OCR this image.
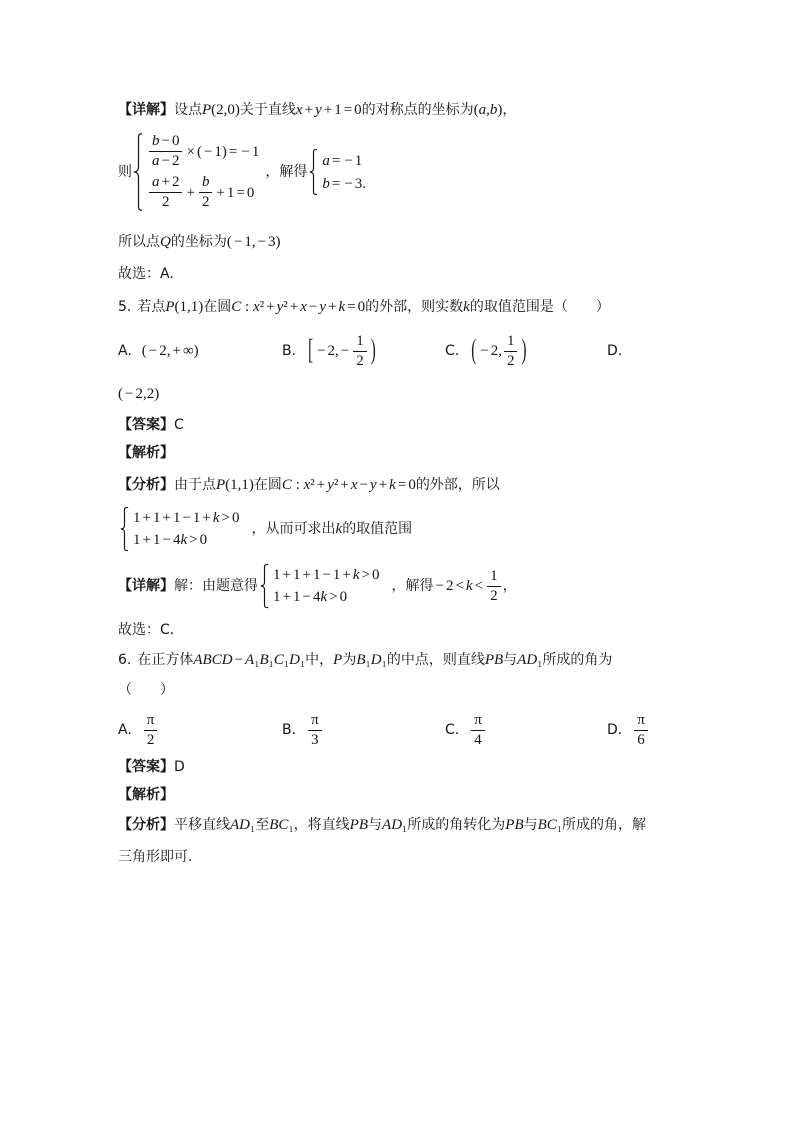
【详解】 设点 P (2,0) 关于直线 x + y + 1 = 0 的对称点的坐标为 (a,b) ，
则
$\frac{b - 0}{a - 2}$ × ( − 1) = − 1
$\frac{a + 2}{2} + \frac{b}{2} + 1 = 0$
，解得
a = − 1
b = − 3 .
所以点 Q 的坐标为 ( − 1, − 3)
故选：A.
5. 若点 P (1,1) 在圆 C : x² + y² + x − y + k = 0 的外部，则实数 k 的取值范围是（　　）
A. ( − 2, + ∞)	B. [ − 2, − $\frac{1}{2}$ )	C. ( − 2, $\frac{1}{2}$ )	D.
( − 2,2)
【答案】 C
【解析】
【分析】 由于点 P (1,1) 在圆 C : x² + y² + x − y + k = 0 的外部，所以
1 + 1 + 1 − 1 + k > 0
1 + 1 − 4k > 0
，从而可求出 k 的取值范围
【详解】 解：由题意得
1 + 1 + 1 − 1 + k > 0
1 + 1 − 4k > 0
，解得 − $2 < k < \frac{1}{2}$ ，
故选：C．
6. 在正方体 ABCD − A₁B₁C₁D₁ 中， P 为 B₁D₁ 的中点，则直线 PB 与 AD₁ 所成的角为
（　　）
A. $\frac{\pi}{2}$	B. $\frac{\pi}{3}$	C. $\frac{\pi}{4}$	D. $\frac{\pi}{6}$
【答案】 D
【解析】
【分析】 平移直线 AD₁ 至 BC₁ ，将直线 PB 与 AD₁ 所成的角转化为 PB 与 BC₁ 所成的角，解
三角形即可.
